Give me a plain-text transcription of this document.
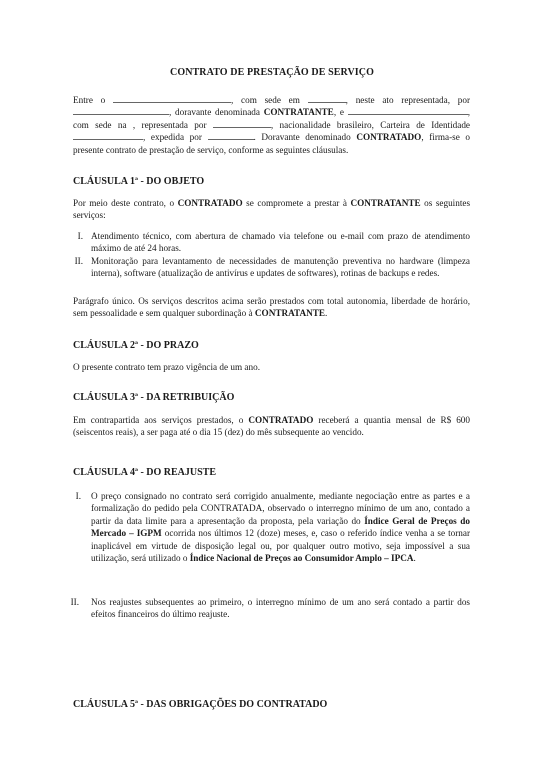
CONTRATO DE PRESTAÇÃO DE SERVIÇO
Entre o	, com sede em	, neste ato representada, por , doravante denominada CONTRATANTE, e	, com sede na , representada por	, nacionalidade brasileiro, Carteira de Identidade , expedida por	. Doravante denominado CONTRATADO, firma-se o presente contrato de prestação de serviço, conforme as seguintes cláusulas.
CLÁUSULA 1ª - DO OBJETO
Por meio deste contrato, o CONTRATADO se compromete a prestar à CONTRATANTE os seguintes serviços:
I. Atendimento técnico, com abertura de chamado via telefone ou e-mail com prazo de atendimento máximo de até 24 horas.
II. Monitoração para levantamento de necessidades de manutenção preventiva no hardware (limpeza interna), software (atualização de antivírus e updates de softwares), rotinas de backups e redes.
Parágrafo único. Os serviços descritos acima serão prestados com total autonomia, liberdade de horário, sem pessoalidade e sem qualquer subordinação à CONTRATANTE.
CLÁUSULA 2ª - DO PRAZO
O presente contrato tem prazo vigência de um ano.
CLÁUSULA 3ª - DA RETRIBUIÇÃO
Em contrapartida aos serviços prestados, o CONTRATADO receberá a quantia mensal de R$ 600 (seiscentos reais), a ser paga até o dia 15 (dez) do mês subsequente ao vencido.
CLÁUSULA 4ª - DO REAJUSTE
I. O preço consignado no contrato será corrigido anualmente, mediante negociação entre as partes e a formalização do pedido pela CONTRATADA, observado o interregno mínimo de um ano, contado a partir da data limite para a apresentação da proposta, pela variação do Índice Geral de Preços do Mercado – IGPM ocorrida nos últimos 12 (doze) meses, e, caso o referido índice venha a se tornar inaplicável em virtude de disposição legal ou, por qualquer outro motivo, seja impossível a sua utilização, será utilizado o Índice Nacional de Preços ao Consumidor Amplo – IPCA.
II. Nos reajustes subsequentes ao primeiro, o interregno mínimo de um ano será contado a partir dos efeitos financeiros do último reajuste.
CLÁUSULA 5ª - DAS OBRIGAÇÕES DO CONTRATADO
